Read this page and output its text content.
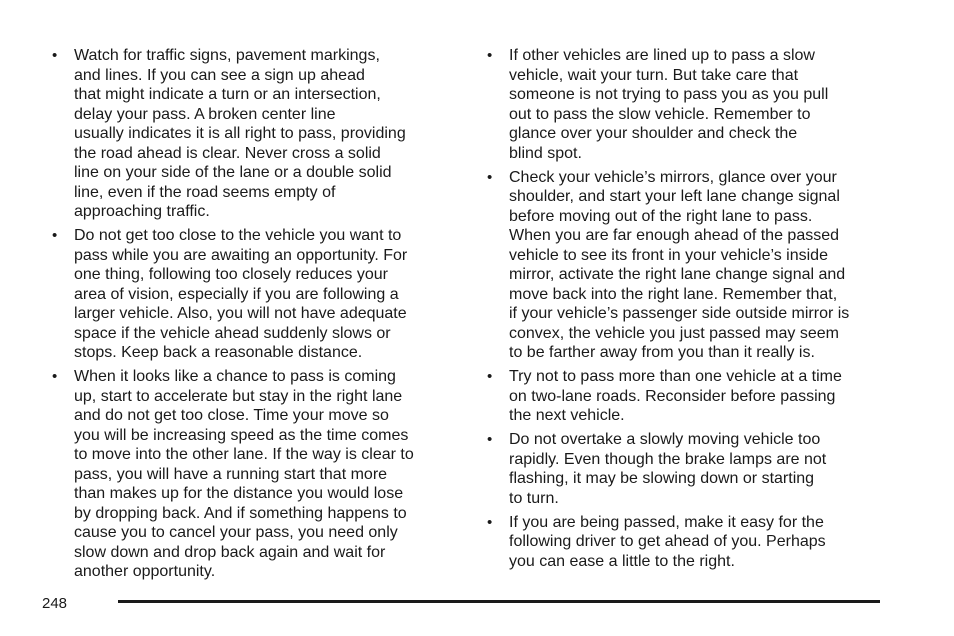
• Watch for traffic signs, pavement markings,
and lines. If you can see a sign up ahead
that might indicate a turn or an intersection,
delay your pass. A broken center line
usually indicates it is all right to pass, providing
the road ahead is clear. Never cross a solid
line on your side of the lane or a double solid
line, even if the road seems empty of
approaching traffic.
• Do not get too close to the vehicle you want to
pass while you are awaiting an opportunity. For
one thing, following too closely reduces your
area of vision, especially if you are following a
larger vehicle. Also, you will not have adequate
space if the vehicle ahead suddenly slows or
stops. Keep back a reasonable distance.
• When it looks like a chance to pass is coming
up, start to accelerate but stay in the right lane
and do not get too close. Time your move so
you will be increasing speed as the time comes
to move into the other lane. If the way is clear to
pass, you will have a running start that more
than makes up for the distance you would lose
by dropping back. And if something happens to
cause you to cancel your pass, you need only
slow down and drop back again and wait for
another opportunity.
• If other vehicles are lined up to pass a slow
vehicle, wait your turn. But take care that
someone is not trying to pass you as you pull
out to pass the slow vehicle. Remember to
glance over your shoulder and check the
blind spot.
• Check your vehicle’s mirrors, glance over your
shoulder, and start your left lane change signal
before moving out of the right lane to pass.
When you are far enough ahead of the passed
vehicle to see its front in your vehicle’s inside
mirror, activate the right lane change signal and
move back into the right lane. Remember that,
if your vehicle’s passenger side outside mirror is
convex, the vehicle you just passed may seem
to be farther away from you than it really is.
• Try not to pass more than one vehicle at a time
on two-lane roads. Reconsider before passing
the next vehicle.
• Do not overtake a slowly moving vehicle too
rapidly. Even though the brake lamps are not
flashing, it may be slowing down or starting
to turn.
• If you are being passed, make it easy for the
following driver to get ahead of you. Perhaps
you can ease a little to the right.
248
